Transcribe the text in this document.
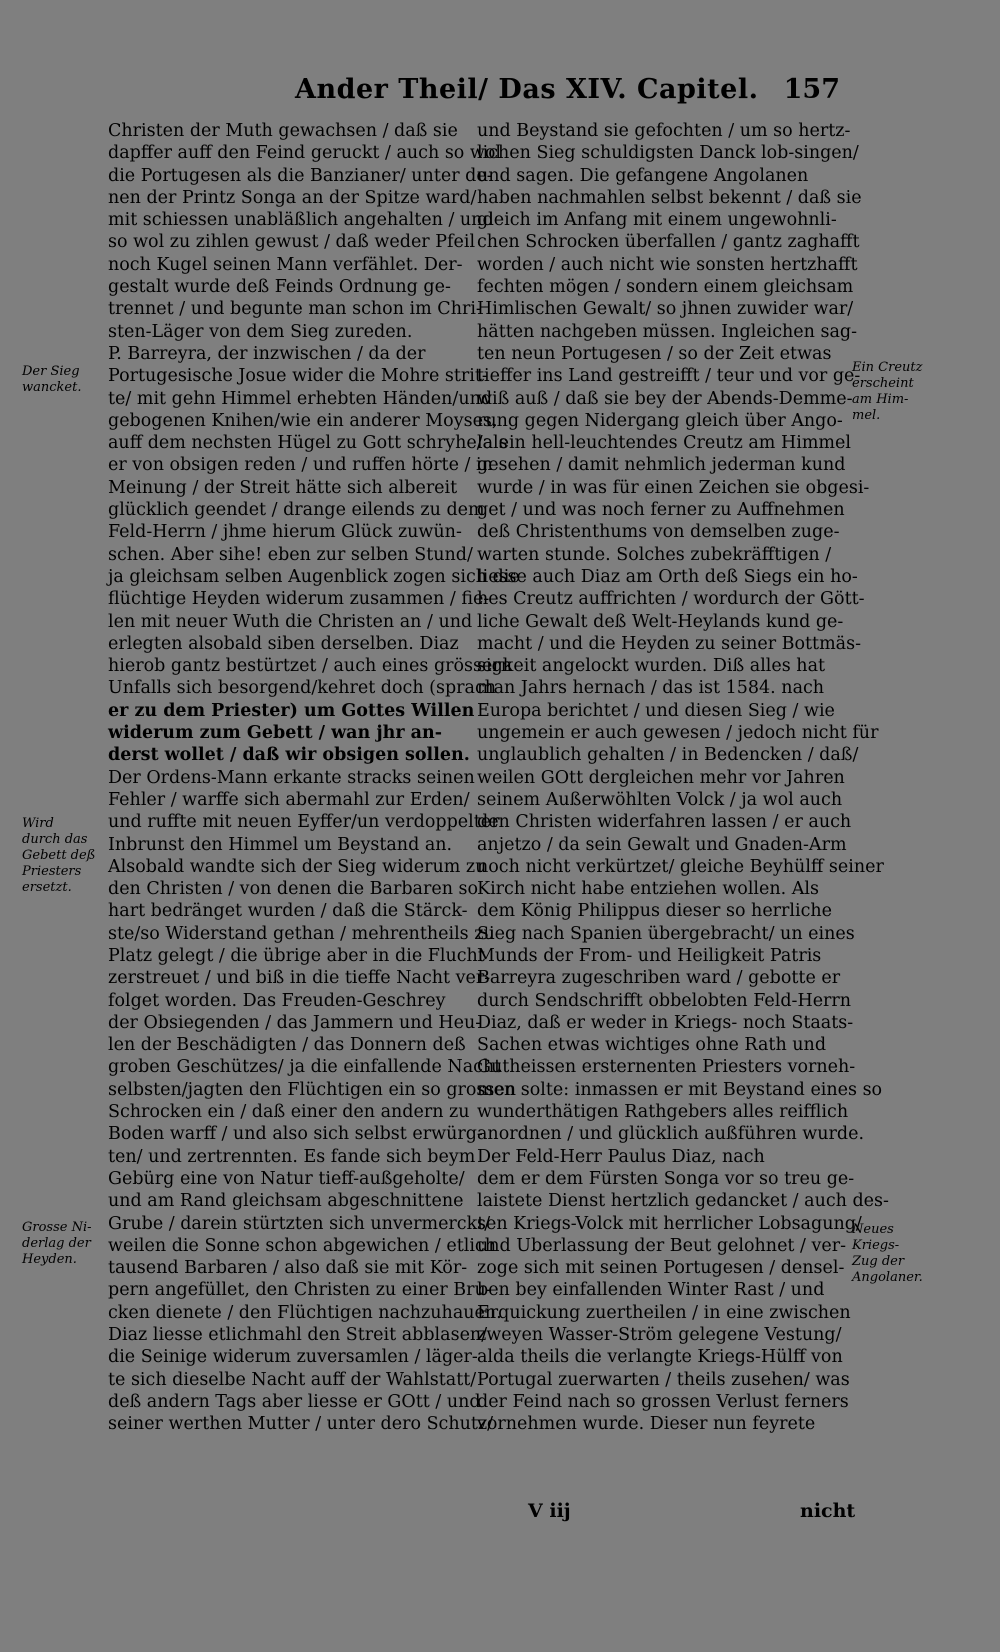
Ander Theil/ Das XIV. Capitel. 157
Christen der Muth gewachsen / daß sie
dapffer auff den Feind geruckt / auch so wol
die Portugesen als die Banzianer/ unter de-
nen der Printz Songa an der Spitze ward/
mit schiessen unabläßlich angehalten / und
so wol zu zihlen gewust / daß weder Pfeil
noch Kugel seinen Mann verfählet. Der-
gestalt wurde deß Feinds Ordnung ge-
trennet / und begunte man schon im Chri-
sten-Läger von dem Sieg zureden.
P. Barreyra, der inzwischen / da der
Portugesische Josue wider die Mohre strit-
te/ mit gehn Himmel erhebten Händen/und
gebogenen Knihen/wie ein anderer Moyses,
auff dem nechsten Hügel zu Gott schryhe/als
er von obsigen reden / und ruffen hörte / in
Meinung / der Streit hätte sich albereit
glücklich geendet / drange eilends zu dem
Feld-Herrn / jhme hierum Glück zuwün-
schen. Aber sihe! eben zur selben Stund/
ja gleichsam selben Augenblick zogen sich die
flüchtige Heyden widerum zusammen / fie-
len mit neuer Wuth die Christen an / und
erlegten alsobald siben derselben. Diaz
hierob gantz bestürtzet / auch eines grössern
Unfalls sich besorgend/kehret doch (sprach
er zu dem Priester) um Gottes Willen
widerum zum Gebett / wan jhr an-
derst wollet / daß wir obsigen sollen.
Der Ordens-Mann erkante stracks seinen
Fehler / warffe sich abermahl zur Erden/
und ruffte mit neuen Eyffer/un verdoppelter
Inbrunst den Himmel um Beystand an.
Alsobald wandte sich der Sieg widerum zu
den Christen / von denen die Barbaren so
hart bedränget wurden / daß die Stärck-
ste/so Widerstand gethan / mehrentheils zu
Platz gelegt / die übrige aber in die Flucht
zerstreuet / und biß in die tieffe Nacht ver-
folget worden. Das Freuden-Geschrey
der Obsiegenden / das Jammern und Heu-
len der Beschädigten / das Donnern deß
groben Geschützes/ ja die einfallende Nacht
selbsten/jagten den Flüchtigen ein so grossen
Schrocken ein / daß einer den andern zu
Boden warff / und also sich selbst erwürg-
ten/ und zertrennten. Es fande sich beym
Gebürg eine von Natur tieff-außgeholte/
und am Rand gleichsam abgeschnittene
Grube / darein stürtzten sich unvermerckt/
weilen die Sonne schon abgewichen / etlich
tausend Barbaren / also daß sie mit Kör-
pern angefüllet, den Christen zu einer Bru-
cken dienete / den Flüchtigen nachzuhauen.
Diaz liesse etlichmahl den Streit abblasen/
die Seinige widerum zuversamlen / läger-
te sich dieselbe Nacht auff der Wahlstatt/
deß andern Tags aber liesse er GOtt / und
seiner werthen Mutter / unter dero Schutz/
und Beystand sie gefochten / um so hertz-
lichen Sieg schuldigsten Danck lob-singen/
und sagen. Die gefangene Angolanen
haben nachmahlen selbst bekennt / daß sie
gleich im Anfang mit einem ungewohnli-
chen Schrocken überfallen / gantz zaghafft
worden / auch nicht wie sonsten hertzhafft
fechten mögen / sondern einem gleichsam
Himlischen Gewalt/ so jhnen zuwider war/
hätten nachgeben müssen. Ingleichen sag-
ten neun Portugesen / so der Zeit etwas
tieffer ins Land gestreifft / teur und vor ge-
wiß auß / daß sie bey der Abends-Demme-
rung gegen Nidergang gleich über Ango-
la ein hell-leuchtendes Creutz am Himmel
gesehen / damit nehmlich jederman kund
wurde / in was für einen Zeichen sie obgesi-
get / und was noch ferner zu Auffnehmen
deß Christenthums von demselben zuge-
warten stunde. Solches zubekräfftigen /
liesse auch Diaz am Orth deß Siegs ein ho-
hes Creutz auffrichten / wordurch der Gött-
liche Gewalt deß Welt-Heylands kund ge-
macht / und die Heyden zu seiner Bottmäs-
sigkeit angelockt wurden. Diß alles hat
man Jahrs hernach / das ist 1584. nach
Europa berichtet / und diesen Sieg / wie
ungemein er auch gewesen / jedoch nicht für
unglaublich gehalten / in Bedencken / daß/
weilen GOtt dergleichen mehr vor Jahren
seinem Außerwöhlten Volck / ja wol auch
den Christen widerfahren lassen / er auch
anjetzo / da sein Gewalt und Gnaden-Arm
noch nicht verkürtzet/ gleiche Beyhülff seiner
Kirch nicht habe entziehen wollen. Als
dem König Philippus dieser so herrliche
Sieg nach Spanien übergebracht/ un eines
Munds der From- und Heiligkeit Patris
Barreyra zugeschriben ward / gebotte er
durch Sendschrifft obbelobten Feld-Herrn
Diaz, daß er weder in Kriegs- noch Staats-
Sachen etwas wichtiges ohne Rath und
Gutheissen ersternenten Priesters vorneh-
men solte: inmassen er mit Beystand eines so
wunderthätigen Rathgebers alles reifflich
anordnen / und glücklich außführen wurde.
Der Feld-Herr Paulus Diaz, nach
dem er dem Fürsten Songa vor so treu ge-
laistete Dienst hertzlich gedancket / auch des-
sen Kriegs-Volck mit herrlicher Lobsagung/
und Uberlassung der Beut gelohnet / ver-
zoge sich mit seinen Portugesen / densel-
ben bey einfallenden Winter Rast / und
Erquickung zuertheilen / in eine zwischen
zweyen Wasser-Ström gelegene Vestung/
alda theils die verlangte Kriegs-Hülff von
Portugal zuerwarten / theils zusehen/ was
der Feind nach so grossen Verlust ferners
vornehmen wurde. Dieser nun feyrete
Der Sieg
wancket.
Wird
durch das
Gebett deß
Priesters
ersetzt.
Grosse Ni-
derlag der
Heyden.
Ein Creutz
erscheint
am Him-
mel.
Neues
Kriegs-
Zug der
Angolaner.
V iij	nicht
